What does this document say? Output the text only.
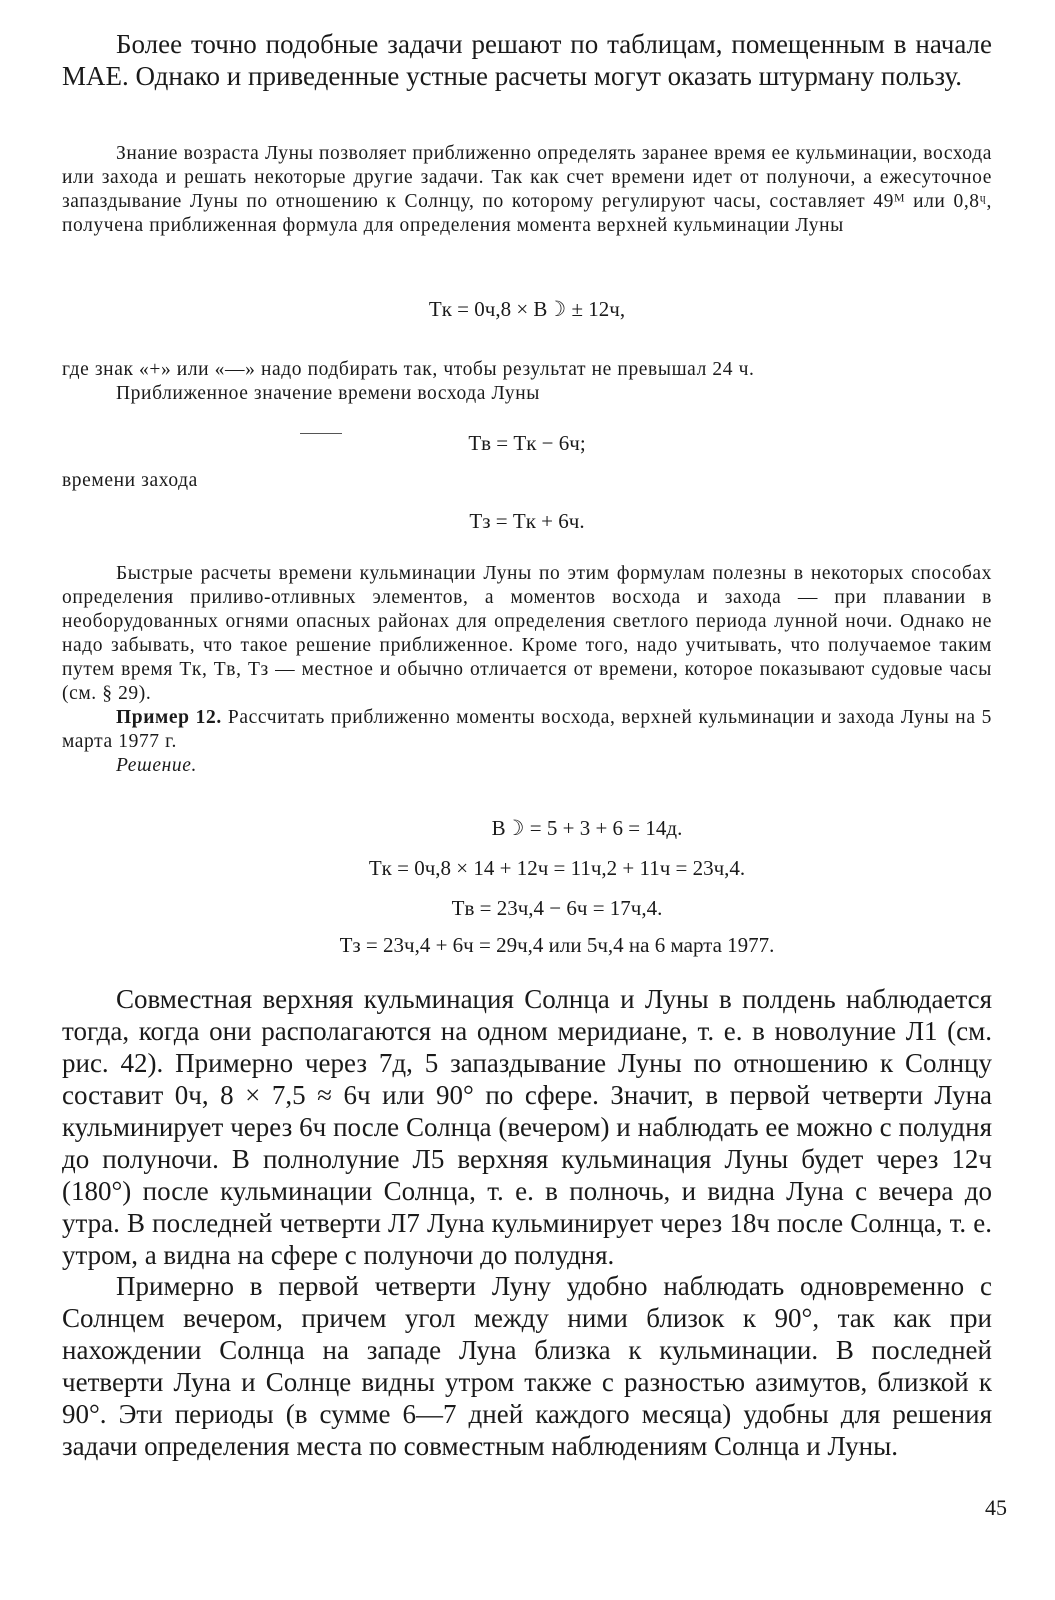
Более точно подобные задачи решают по таблицам, помещенным в начале МАЕ. Однако и приведенные устные расчеты могут оказать штурману пользу.

Знание возраста Луны позволяет приближенно определять заранее время ее кульминации, восхода или захода и решать некоторые другие задачи. Так как счет времени идет от полуночи, а ежесуточное запаздывание Луны по отношению к Солнцу, по которому регулируют часы, составляет 49ᴹ или 0,8ᶣ, получена приближенная формула для определения момента верхней кульминации Луны

Tк = 0ч,8 × B☽ ± 12ч,

где знак «+» или «—» надо подбирать так, чтобы результат не превышал 24 ч.

Приближенное значение времени восхода Луны

Tв = Tк − 6ч;
времени захода
Tз = Tк + 6ч.

Быстрые расчеты времени кульминации Луны по этим формулам полезны в некоторых способах определения приливо-отливных элементов, а моментов восхода и захода — при плавании в необорудованных огнями опасных районах для определения светлого периода лунной ночи. Однако не надо забывать, что такое решение приближенное. Кроме того, надо учитывать, что получаемое таким путем время Tк, Tв, Tз — местное и обычно отличается от времени, которое показывают судовые часы (см. § 29).

Пример 12. Рассчитать приближенно моменты восхода, верхней кульминации и захода Луны на 5 марта 1977 г.

Решение.

B☽ = 5 + 3 + 6 = 14д.
Tк = 0ч,8 × 14 + 12ч = 11ч,2 + 11ч = 23ч,4.
Tв = 23ч,4 − 6ч = 17ч,4.
Tз = 23ч,4 + 6ч = 29ч,4 или 5ч,4 на 6 марта 1977.

Совместная верхняя кульминация Солнца и Луны в полдень наблюдается тогда, когда они располагаются на одном меридиане, т. е. в новолуние Л1 (см. рис. 42). Примерно через 7д, 5 запаздывание Луны по отношению к Солнцу составит 0ч, 8 × 7,5 ≈ 6ч или 90° по сфере. Значит, в первой четверти Луна кульминирует через 6ч после Солнца (вечером) и наблюдать ее можно с полудня до полуночи. В полнолуние Л5 верхняя кульминация Луны будет через 12ч (180°) после кульминации Солнца, т. е. в полночь, и видна Луна с вечера до утра. В последней четверти Л7 Луна кульминирует через 18ч после Солнца, т. е. утром, а видна на сфере с полуночи до полудня.

Примерно в первой четверти Луну удобно наблюдать одновременно с Солнцем вечером, причем угол между ними близок к 90°, так как при нахождении Солнца на западе Луна близка к кульминации. В последней четверти Луна и Солнце видны утром также с разностью азимутов, близкой к 90°. Эти периоды (в сумме 6—7 дней каждого месяца) удобны для решения задачи определения места по совместным наблюдениям Солнца и Луны.

45
